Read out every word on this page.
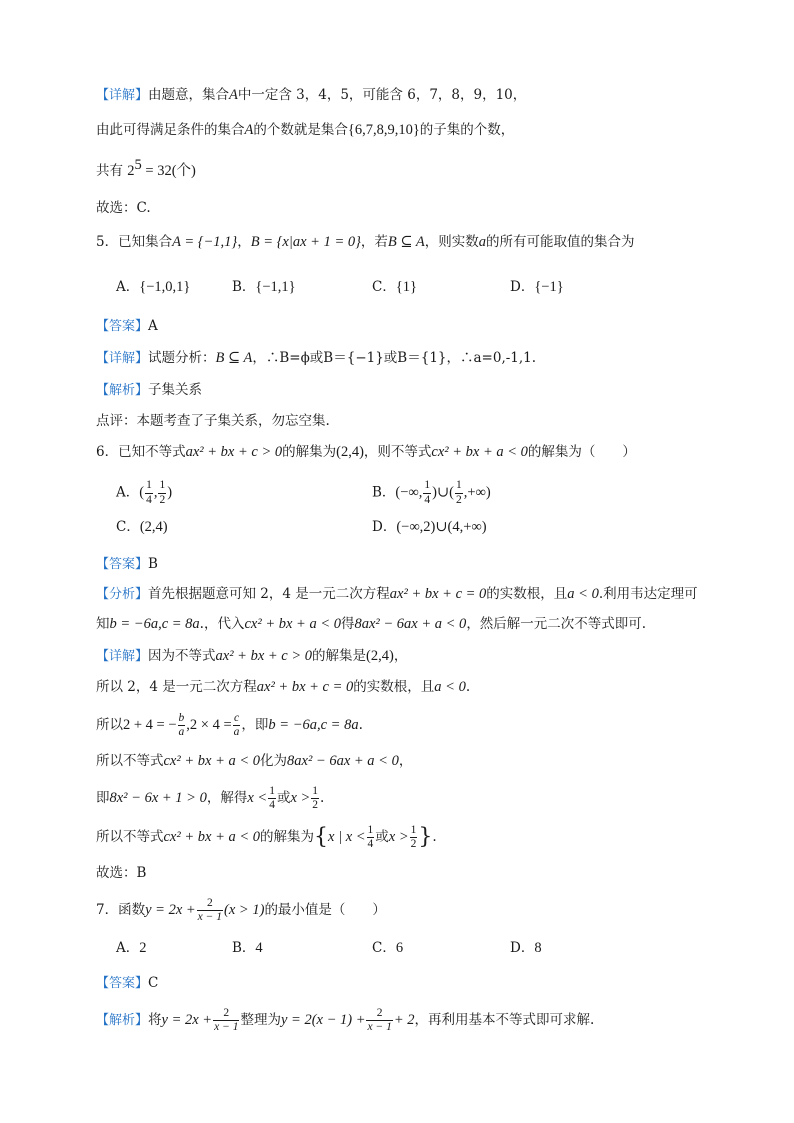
【详解】由题意，集合A中一定含 3，4，5，可能含 6，7，8，9，10，
由此可得满足条件的集合A的个数就是集合{6,7,8,9,10}的子集的个数，
共有 $2^5 = 32$(个)
故选：C.
5．已知集合A = {−1,1}，B = {x|ax + 1 = 0}，若B ⊆ A，则实数a的所有可能取值的集合为
A．{−1,0,1}	B．{−1,1}	C．{1}	D．{−1}
【答案】A
【详解】试题分析：B ⊆ A，∴B=ϕ或B＝{−1}或B＝{1}，∴a=0,-1,1.
【解析】子集关系
点评：本题考查了子集关系，勿忘空集.
6．已知不等式ax² + bx + c > 0的解集为(2,4)，则不等式cx² + bx + a < 0的解集为（　　）
A．( $\frac{1}{4}$ , $\frac{1}{2}$ )	B．(−∞, $\frac{1}{4}$ )∪( $\frac{1}{2}$ ,+∞)
C．(2,4)	D．(−∞,2)∪(4,+∞)
【答案】B
【分析】首先根据题意可知 2，4 是一元二次方程ax² + bx + c = 0的实数根，且a < 0.利用韦达定理可
知b = −6a,c = 8a.，代入cx² + bx + a < 0得8ax² − 6ax + a < 0，然后解一元二次不等式即可.
【详解】因为不等式ax² + bx + c > 0的解集是(2,4)，
所以 2，4 是一元二次方程ax² + bx + c = 0的实数根，且a < 0.
所以2 + 4 = − $\frac{b}{a} ,2 \times 4 = \frac{c}{a}$ ，即b = −6a,c = 8a.
所以不等式cx² + bx + a < 0化为8ax² − 6ax + a < 0，
即8x² − 6x + 1 > 0，解得$x < \frac{1}{4}$ 或$x > \frac{1}{2}$ .
所以不等式cx² + bx + a < 0的解集为{x | $x < \frac{1}{4}$ 或$x > \frac{1}{2}$ }.
故选：B
7．函数$y = 2x + \frac{2}{x - 1} (x > 1)$的最小值是（　　）
A．2	B．4	C．6	D．8
【答案】C
【解析】将$y = 2x + \frac{2}{x - 1}$ 整理为$y = 2(x - 1) + \frac{2}{x - 1} + 2$，再利用基本不等式即可求解.
